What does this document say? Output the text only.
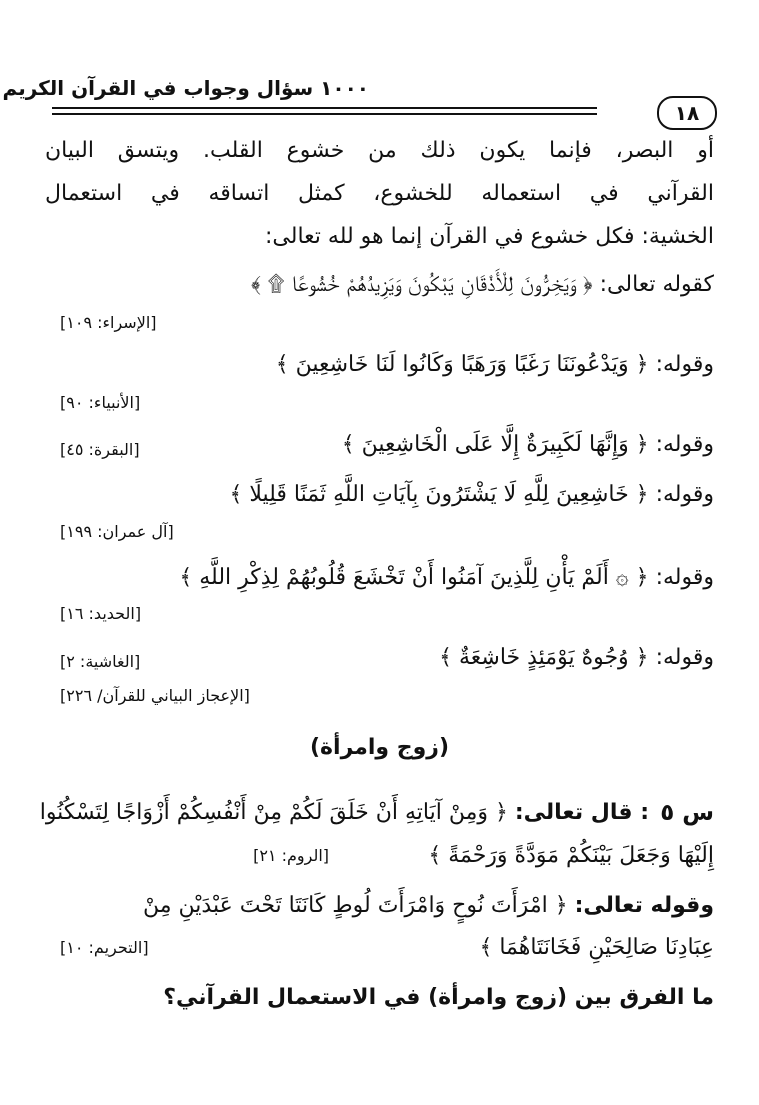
١٠٠٠ سؤال وجواب في القرآن الكريم
١٨
أو البصر، فإنما يكون ذلك من خشوع القلب. ويتسق البيان
القرآني في استعماله للخشوع، كمثل اتساقه في استعمال
الخشية: فكل خشوع في القرآن إنما هو لله تعالى:
كقوله تعالى: ﴿ وَيَخِرُّونَ لِلْأَذْقَانِ يَبْكُونَ وَيَزِيدُهُمْ خُشُوعًا ۩ ﴾
[الإسراء: ١٠٩]
وقوله: ﴿ وَيَدْعُونَنَا رَغَبًا وَرَهَبًا وَكَانُوا لَنَا خَاشِعِينَ ﴾
[الأنبياء: ٩٠]
وقوله: ﴿ وَإِنَّهَا لَكَبِيرَةٌ إِلَّا عَلَى الْخَاشِعِينَ ﴾
[البقرة: ٤٥]
وقوله: ﴿ خَاشِعِينَ لِلَّهِ لَا يَشْتَرُونَ بِآيَاتِ اللَّهِ ثَمَنًا قَلِيلًا ﴾
[آل عمران: ١٩٩]
وقوله: ﴿ ۞ أَلَمْ يَأْنِ لِلَّذِينَ آمَنُوا أَنْ تَخْشَعَ قُلُوبُهُمْ لِذِكْرِ اللَّهِ ﴾
[الحديد: ١٦]
وقوله: ﴿ وُجُوهٌ يَوْمَئِذٍ خَاشِعَةٌ ﴾
[الغاشية: ٢]
[الإعجاز البياني للقرآن/ ٢٢٦]
(زوج وامرأة)
س ٥
: قال تعالى: ﴿ وَمِنْ آيَاتِهِ أَنْ خَلَقَ لَكُمْ مِنْ أَنْفُسِكُمْ أَزْوَاجًا لِتَسْكُنُوا
إِلَيْهَا وَجَعَلَ بَيْنَكُمْ مَوَدَّةً وَرَحْمَةً ﴾
[الروم: ٢١]
وقوله تعالى: ﴿ امْرَأَتَ نُوحٍ وَامْرَأَتَ لُوطٍ كَانَتَا تَحْتَ عَبْدَيْنِ مِنْ
عِبَادِنَا صَالِحَيْنِ فَخَانَتَاهُمَا ﴾
[التحريم: ١٠]
ما الفرق بين (زوج وامرأة) في الاستعمال القرآني؟
